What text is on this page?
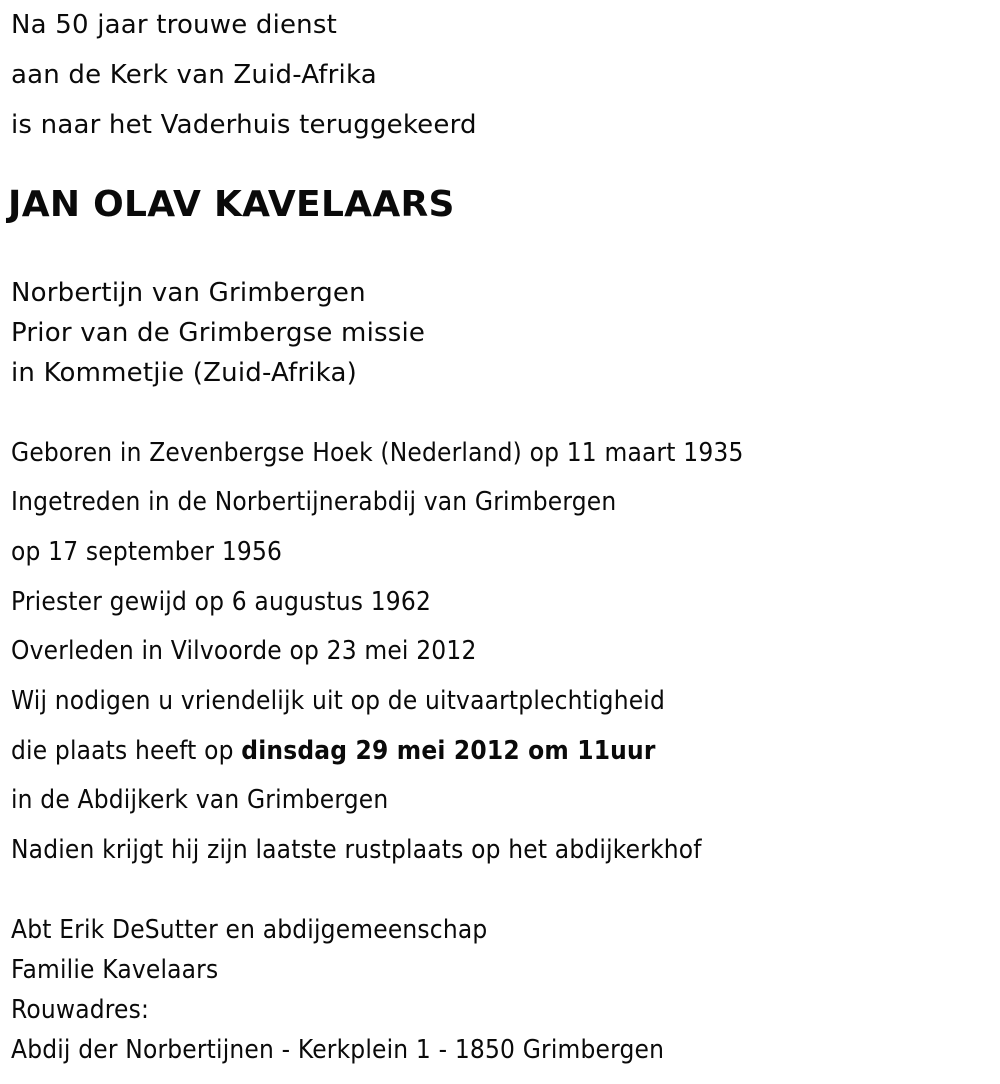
Na 50 jaar trouwe dienst
aan de Kerk van Zuid-Afrika
is naar het Vaderhuis teruggekeerd
JAN OLAV KAVELAARS
Norbertijn van Grimbergen
Prior van de Grimbergse missie
in Kommetjie (Zuid-Afrika)
Geboren in Zevenbergse Hoek (Nederland) op 11 maart 1935
Ingetreden in de Norbertijnerabdij van Grimbergen
op 17 september 1956
Priester gewijd op 6 augustus 1962
Overleden in Vilvoorde op 23 mei 2012
Wij nodigen u vriendelijk uit op de uitvaartplechtigheid
die plaats heeft op dinsdag 29 mei 2012 om 11uur
in de Abdijkerk van Grimbergen
Nadien krijgt hij zijn laatste rustplaats op het abdijkerkhof
Abt Erik DeSutter en abdijgemeenschap
Familie Kavelaars
Rouwadres:
Abdij der Norbertijnen - Kerkplein 1 - 1850 Grimbergen
